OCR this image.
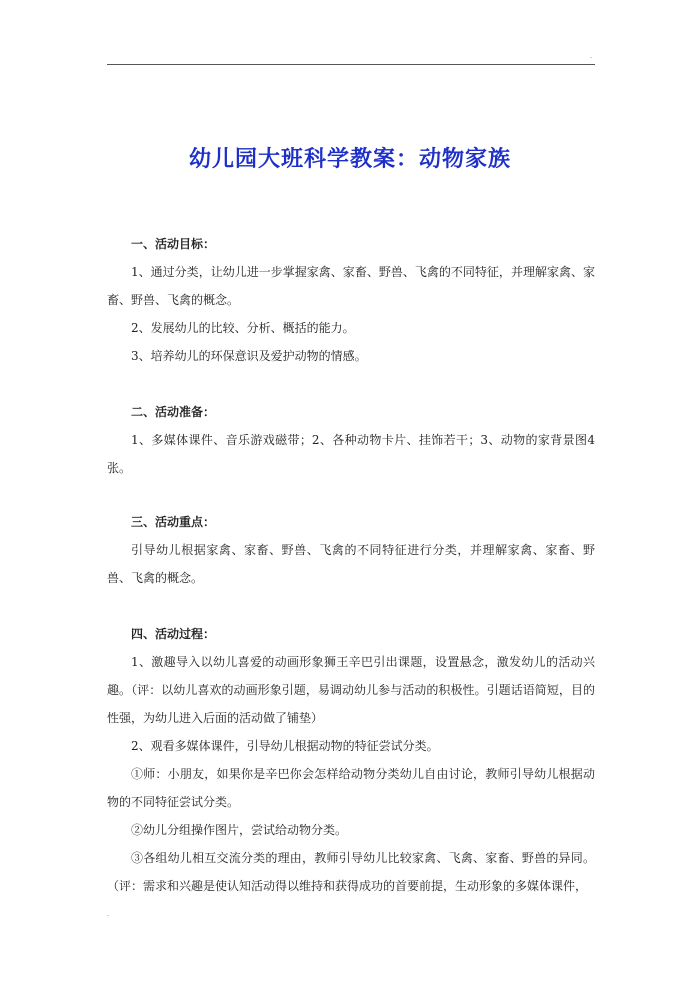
·
幼儿园大班科学教案：动物家族
一、活动目标：
1、通过分类，让幼儿进一步掌握家禽、家畜、野兽、飞禽的不同特征，并理解家禽、家畜、野兽、飞禽的概念。
2、发展幼儿的比较、分析、概括的能力。
3、培养幼儿的环保意识及爱护动物的情感。
二、活动准备：
1、多媒体课件、音乐游戏磁带；2、各种动物卡片、挂饰若干；3、动物的家背景图4张。
三、活动重点：
引导幼儿根据家禽、家畜、野兽、飞禽的不同特征进行分类，并理解家禽、家畜、野兽、飞禽的概念。
四、活动过程：
1、激趣导入以幼儿喜爱的动画形象狮王辛巴引出课题，设置悬念，激发幼儿的活动兴趣。（评：以幼儿喜欢的动画形象引题，易调动幼儿参与活动的积极性。引题话语简短，目的性强，为幼儿进入后面的活动做了铺垫）
2、观看多媒体课件，引导幼儿根据动物的特征尝试分类。
①师：小朋友，如果你是辛巴你会怎样给动物分类幼儿自由讨论，教师引导幼儿根据动物的不同特征尝试分类。
②幼儿分组操作图片，尝试给动物分类。
③各组幼儿相互交流分类的理由，教师引导幼儿比较家禽、飞禽、家畜、野兽的异同。（评：需求和兴趣是使认知活动得以维持和获得成功的首要前提，生动形象的多媒体课件，
·
